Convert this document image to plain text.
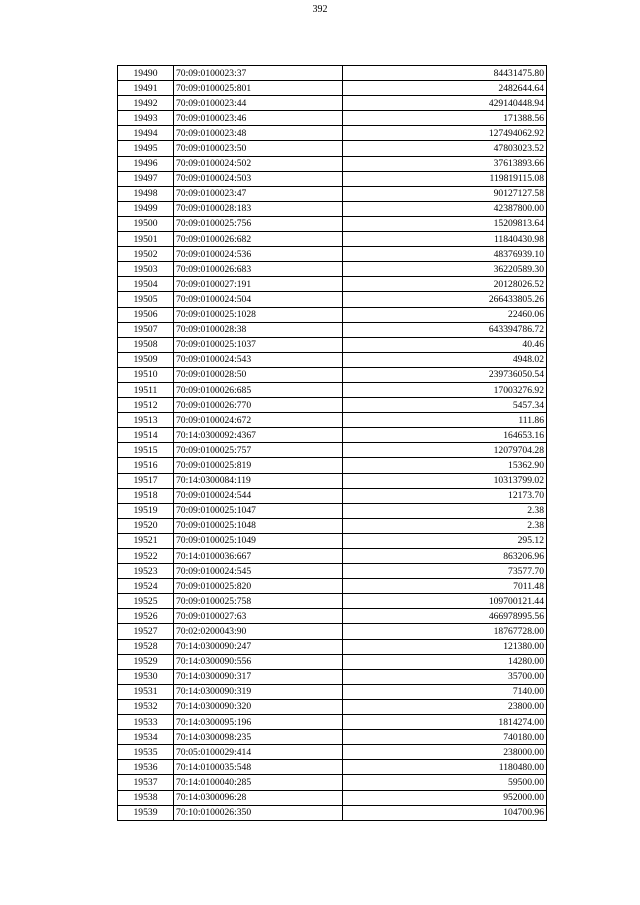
392
19490	70:09:0100023:37	84431475.80
19491	70:09:0100025:801	2482644.64
19492	70:09:0100023:44	429140448.94
19493	70:09:0100023:46	171388.56
19494	70:09:0100023:48	127494062.92
19495	70:09:0100023:50	47803023.52
19496	70:09:0100024:502	37613893.66
19497	70:09:0100024:503	119819115.08
19498	70:09:0100023:47	90127127.58
19499	70:09:0100028:183	42387800.00
19500	70:09:0100025:756	15209813.64
19501	70:09:0100026:682	11840430.98
19502	70:09:0100024:536	48376939.10
19503	70:09:0100026:683	36220589.30
19504	70:09:0100027:191	20128026.52
19505	70:09:0100024:504	266433805.26
19506	70:09:0100025:1028	22460.06
19507	70:09:0100028:38	643394786.72
19508	70:09:0100025:1037	40.46
19509	70:09:0100024:543	4948.02
19510	70:09:0100028:50	239736050.54
19511	70:09:0100026:685	17003276.92
19512	70:09:0100026:770	5457.34
19513	70:09:0100024:672	111.86
19514	70:14:0300092:4367	164653.16
19515	70:09:0100025:757	12079704.28
19516	70:09:0100025:819	15362.90
19517	70:14:0300084:119	10313799.02
19518	70:09:0100024:544	12173.70
19519	70:09:0100025:1047	2.38
19520	70:09:0100025:1048	2.38
19521	70:09:0100025:1049	295.12
19522	70:14:0100036:667	863206.96
19523	70:09:0100024:545	73577.70
19524	70:09:0100025:820	7011.48
19525	70:09:0100025:758	109700121.44
19526	70:09:0100027:63	466978995.56
19527	70:02:0200043:90	18767728.00
19528	70:14:0300090:247	121380.00
19529	70:14:0300090:556	14280.00
19530	70:14:0300090:317	35700.00
19531	70:14:0300090:319	7140.00
19532	70:14:0300090:320	23800.00
19533	70:14:0300095:196	1814274.00
19534	70:14:0300098:235	740180.00
19535	70:05:0100029:414	238000.00
19536	70:14:0100035:548	1180480.00
19537	70:14:0100040:285	59500.00
19538	70:14:0300096:28	952000.00
19539	70:10:0100026:350	104700.96
